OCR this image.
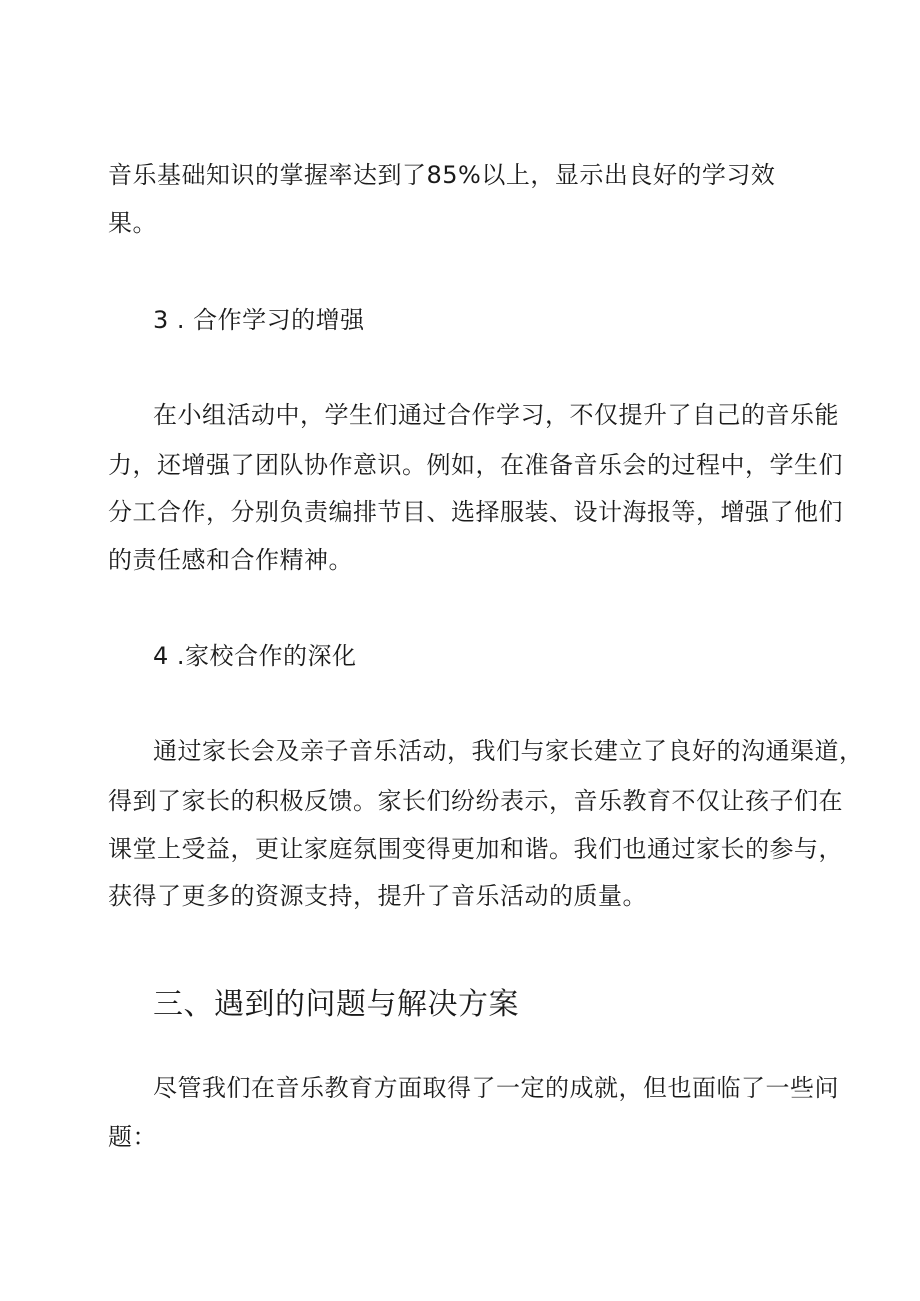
音乐基础知识的掌握率达到了85%以上，显示出良好的学习效
果。
3 . 合作学习的增强
在小组活动中，学生们通过合作学习，不仅提升了自己的音乐能
力，还增强了团队协作意识。例如，在准备音乐会的过程中，学生们
分工合作，分别负责编排节目、选择服装、设计海报等，增强了他们
的责任感和合作精神。
4 .家校合作的深化
通过家长会及亲子音乐活动，我们与家长建立了良好的沟通渠道，
得到了家长的积极反馈。家长们纷纷表示，音乐教育不仅让孩子们在
课堂上受益，更让家庭氛围变得更加和谐。我们也通过家长的参与，
获得了更多的资源支持，提升了音乐活动的质量。
三、遇到的问题与解决方案
尽管我们在音乐教育方面取得了一定的成就，但也面临了一些问
题：
